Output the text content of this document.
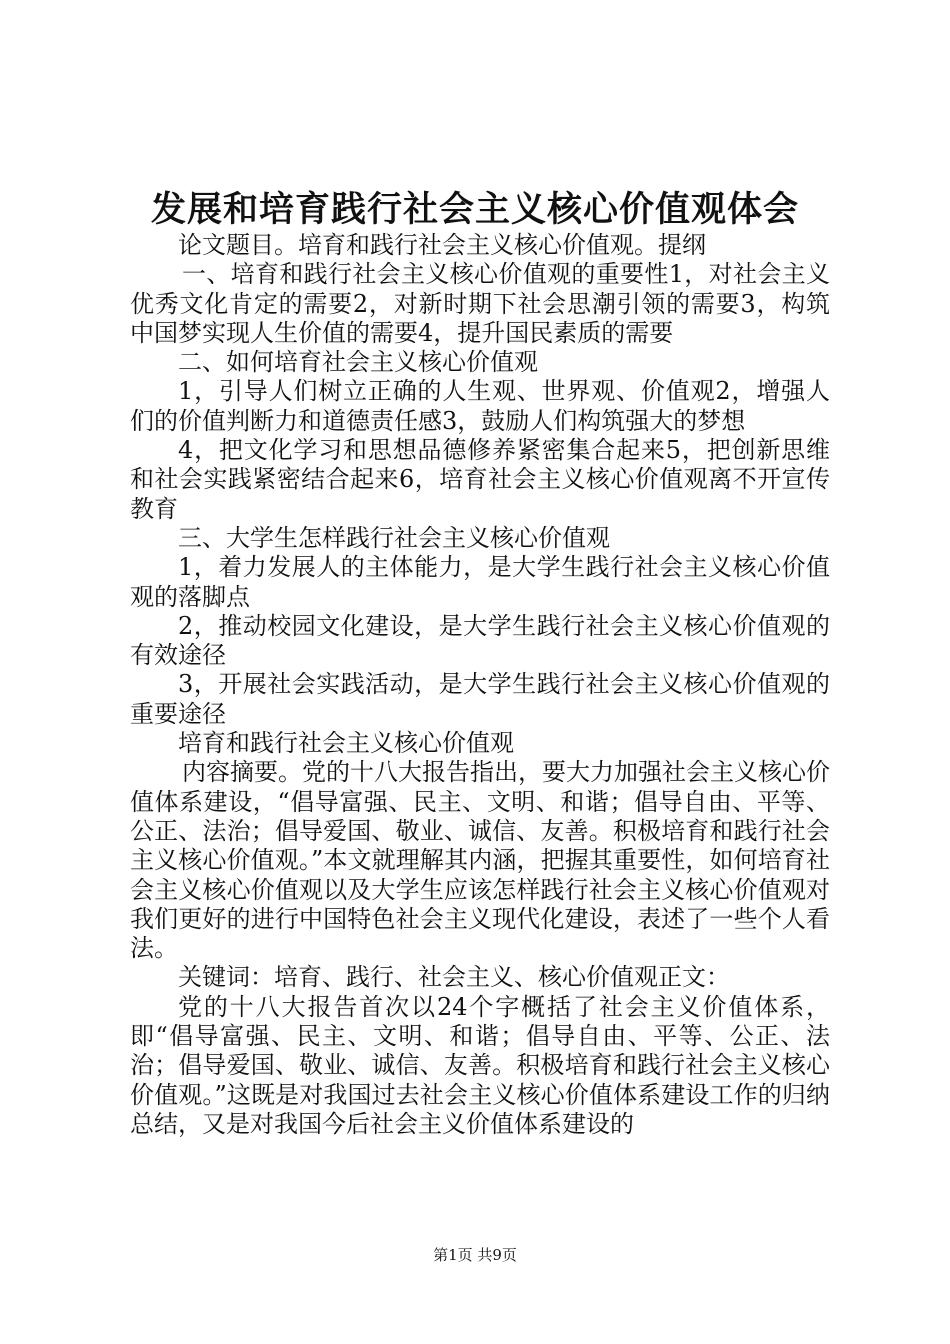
发展和培育践行社会主义核心价值观体会

论文题目。培育和践行社会主义核心价值观。提纲

一、培育和践行社会主义核心价值观的重要性1，对社会主义优秀文化肯定的需要2，对新时期下社会思潮引领的需要3，构筑中国梦实现人生价值的需要4，提升国民素质的需要

二、如何培育社会主义核心价值观

1，引导人们树立正确的人生观、世界观、价值观2，增强人们的价值判断力和道德责任感3，鼓励人们构筑强大的梦想

4，把文化学习和思想品德修养紧密集合起来5，把创新思维和社会实践紧密结合起来6，培育社会主义核心价值观离不开宣传教育

三、大学生怎样践行社会主义核心价值观

1，着力发展人的主体能力，是大学生践行社会主义核心价值观的落脚点

2，推动校园文化建设，是大学生践行社会主义核心价值观的有效途径

3，开展社会实践活动，是大学生践行社会主义核心价值观的重要途径

培育和践行社会主义核心价值观

内容摘要。党的十八大报告指出，要大力加强社会主义核心价值体系建设，“倡导富强、民主、文明、和谐；倡导自由、平等、公正、法治；倡导爱国、敬业、诚信、友善。积极培育和践行社会主义核心价值观。”本文就理解其内涵，把握其重要性，如何培育社会主义核心价值观以及大学生应该怎样践行社会主义核心价值观对我们更好的进行中国特色社会主义现代化建设，表述了一些个人看法。

关键词：培育、践行、社会主义、核心价值观正文：

党的十八大报告首次以24个字概括了社会主义价值体系，即“倡导富强、民主、文明、和谐；倡导自由、平等、公正、法治；倡导爱国、敬业、诚信、友善。积极培育和践行社会主义核心价值观。”这既是对我国过去社会主义核心价值体系建设工作的归纳总结，又是对我国今后社会主义价值体系建设的

第1页 共9页
